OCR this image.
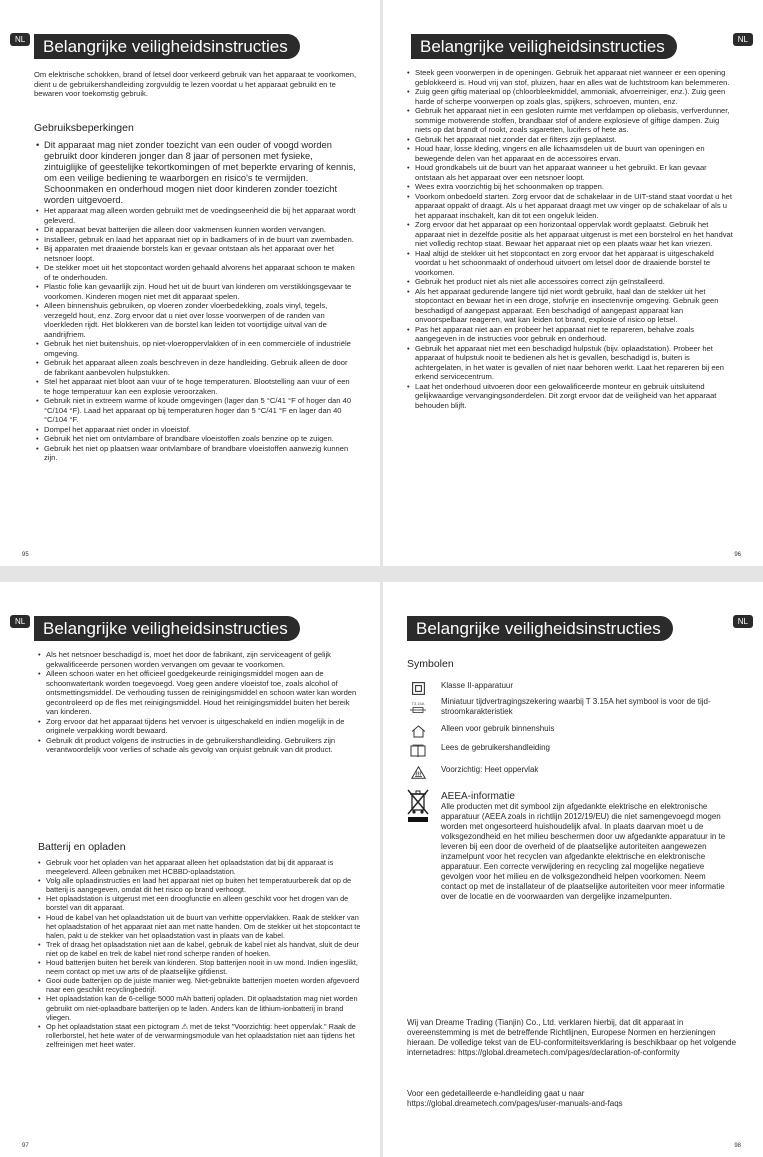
NL	Belangrijke veiligheidsinstructies

Om elektrische schokken, brand of letsel door verkeerd gebruik van het apparaat te voorkomen, dient u de gebruikershandleiding zorgvuldig te lezen voordat u het apparaat gebruikt en te bewaren voor toekomstig gebruik.

Gebruiksbeperkingen
• Dit apparaat mag niet zonder toezicht van een ouder of voogd worden gebruikt door kinderen jonger dan 8 jaar of personen met fysieke, zintuiglijke of geestelijke tekortkomingen of met beperkte ervaring of kennis, om een veilige bediening te waarborgen en risico's te vermijden. Schoonmaken en onderhoud mogen niet door kinderen zonder toezicht worden uitgevoerd.
• Het apparaat mag alleen worden gebruikt met de voedingseenheid die bij het apparaat wordt geleverd.
• Dit apparaat bevat batterijen die alleen door vakmensen kunnen worden vervangen.
• Installeer, gebruik en laad het apparaat niet op in badkamers of in de buurt van zwembaden.
• Bij apparaten met draaiende borstels kan er gevaar ontstaan als het apparaat over het netsnoer loopt.
• De stekker moet uit het stopcontact worden gehaald alvorens het apparaat schoon te maken of te onderhouden.
• Plastic folie kan gevaarlijk zijn. Houd het uit de buurt van kinderen om verstikkingsgevaar te voorkomen. Kinderen mogen niet met dit apparaat spelen.
• Alleen binnenshuis gebruiken, op vloeren zonder vloerbedekking, zoals vinyl, tegels, verzegeld hout, enz. Zorg ervoor dat u niet over losse voorwerpen of de randen van vloerkleden rijdt. Het blokkeren van de borstel kan leiden tot voortijdige uitval van de aandrijfriem.
• Gebruik het niet buitenshuis, op niet-vloeroppervlakken of in een commerciële of industriële omgeving.
• Gebruik het apparaat alleen zoals beschreven in deze handleiding. Gebruik alleen de door de fabrikant aanbevolen hulpstukken.
• Stel het apparaat niet bloot aan vuur of te hoge temperaturen. Blootstelling aan vuur of een te hoge temperatuur kan een explosie veroorzaken.
• Gebruik niet in extreem warme of koude omgevingen (lager dan 5 °C/41 °F of hoger dan 40 °C/104 °F). Laad het apparaat op bij temperaturen hoger dan 5 °C/41 °F en lager dan 40 °C/104 °F.
• Dompel het apparaat niet onder in vloeistof.
• Gebruik het niet om ontvlambare of brandbare vloeistoffen zoals benzine op te zuigen.
• Gebruik het niet op plaatsen waar ontvlambare of brandbare vloeistoffen aanwezig kunnen zijn.
95
NL
Belangrijke veiligheidsinstructies
• Steek geen voorwerpen in de openingen. Gebruik het apparaat niet wanneer er een opening geblokkeerd is. Houd vrij van stof, pluizen, haar en alles wat de luchtstroom kan belemmeren.
• Zuig geen giftig materiaal op (chloorbleekmiddel, ammoniak, afvoerreiniger, enz.). Zuig geen harde of scherpe voorwerpen op zoals glas, spijkers, schroeven, munten, enz.
• Gebruik het apparaat niet in een gesloten ruimte met verfdampen op oliebasis, verfverdunner, sommige motwerende stoffen, brandbaar stof of andere explosieve of giftige dampen. Zuig niets op dat brandt of rookt, zoals sigaretten, lucifers of hete as.
• Gebruik het apparaat niet zonder dat er filters zijn geplaatst.
• Houd haar, losse kleding, vingers en alle lichaamsdelen uit de buurt van openingen en bewegende delen van het apparaat en de accessoires ervan.
• Houd grondkabels uit de buurt van het apparaat wanneer u het gebruikt. Er kan gevaar ontstaan als het apparaat over een netsnoer loopt.
• Wees extra voorzichtig bij het schoonmaken op trappen.
• Voorkom onbedoeld starten. Zorg ervoor dat de schakelaar in de UIT-stand staat voordat u het apparaat oppakt of draagt. Als u het apparaat draagt met uw vinger op de schakelaar of als u het apparaat inschakelt, kan dit tot een ongeluk leiden.
• Zorg ervoor dat het apparaat op een horizontaal oppervlak wordt geplaatst. Gebruik het apparaat niet in dezelfde positie als het apparaat uitgerust is met een borstelrol en het handvat niet volledig rechtop staat. Bewaar het apparaat niet op een plaats waar het kan vriezen.
• Haal altijd de stekker uit het stopcontact en zorg ervoor dat het apparaat is uitgeschakeld voordat u het schoonmaakt of onderhoud uitvoert om letsel door de draaiende borstel te voorkomen.
• Gebruik het product niet als niet alle accessoires correct zijn geïnstalleerd.
• Als het apparaat gedurende langere tijd niet wordt gebruikt, haal dan de stekker uit het stopcontact en bewaar het in een droge, stofvrije en insectenvrije omgeving. Gebruik geen beschadigd of aangepast apparaat. Een beschadigd of aangepast apparaat kan onvoorspelbaar reageren, wat kan leiden tot brand, explosie of risico op letsel.
• Pas het apparaat niet aan en probeer het apparaat niet te repareren, behalve zoals aangegeven in de instructies voor gebruik en onderhoud.
• Gebruik het apparaat niet met een beschadigd hulpstuk (bijv. oplaadstation). Probeer het apparaat of hulpstuk nooit te bedienen als het is gevallen, beschadigd is, buiten is achtergelaten, in het water is gevallen of niet naar behoren werkt. Laat het repareren bij een erkend servicecentrum.
• Laat het onderhoud uitvoeren door een gekwalificeerde monteur en gebruik uitsluitend gelijkwaardige vervangingsonderdelen. Dit zorgt ervoor dat de veiligheid van het apparaat behouden blijft.
96
NL	Belangrijke veiligheidsinstructies
• Als het netsnoer beschadigd is, moet het door de fabrikant, zijn serviceagent of gelijk gekwalificeerde personen worden vervangen om gevaar te voorkomen.
• Alleen schoon water en het officieel goedgekeurde reinigingsmiddel mogen aan de schoonwatertank worden toegevoegd. Voeg geen andere vloeistof toe, zoals alcohol of ontsmettingsmiddel. De verhouding tussen de reinigingsmiddel en schoon water kan worden gecontroleerd op de fles met reinigingsmiddel. Houd het reinigingsmiddel buiten het bereik van kinderen.
• Zorg ervoor dat het apparaat tijdens het vervoer is uitgeschakeld en indien mogelijk in de originele verpakking wordt bewaard.
• Gebruik dit product volgens de instructies in de gebruikershandleiding. Gebruikers zijn verantwoordelijk voor verlies of schade als gevolg van onjuist gebruik van dit product.
Batterij en opladen
• Gebruik voor het opladen van het apparaat alleen het oplaadstation dat bij dit apparaat is meegeleverd. Alleen gebruiken met HCBBD-oplaadstation.
• Volg alle oplaadinstructies en laad het apparaat niet op buiten het temperatuurbereik dat op de batterij is aangegeven, omdat dit het risico op brand verhoogt.
• Het oplaadstation is uitgerust met een droogfunctie en alleen geschikt voor het drogen van de borstel van dit apparaat.
• Houd de kabel van het oplaadstation uit de buurt van verhitte oppervlakken. Raak de stekker van het oplaadstation of het apparaat niet aan met natte handen. Om de stekker uit het stopcontact te halen, pakt u de stekker van het oplaadstation vast in plaats van de kabel.
• Trek of draag het oplaadstation niet aan de kabel, gebruik de kabel niet als handvat, sluit de deur niet op de kabel en trek de kabel niet rond scherpe randen of hoeken.
• Houd batterijen buiten het bereik van kinderen. Stop batterijen nooit in uw mond. Indien ingeslikt, neem contact op met uw arts of de plaatselijke gifdienst.
• Gooi oude batterijen op de juiste manier weg. Niet-gebruikte batterijen moeten worden afgevoerd naar een geschikt recyclingbedrijf.
• Het oplaadstation kan de 6-cellige 5000 mAh batterij opladen. Dit oplaadstation mag niet worden gebruikt om niet-oplaadbare batterijen op te laden. Anders kan de lithium-ionbatterij in brand vliegen.
• Op het oplaadstation staat een pictogram ⚠ met de tekst "Voorzichtig: heet oppervlak." Raak de rollerborstel, het hete water of de verwarmingsmodule van het oplaadstation niet aan tijdens het zelfreinigen met heet water.
97
NL
Belangrijke veiligheidsinstructies
Symbolen
Klasse II-apparatuur
T3.15A Miniatuur tijdvertragingszekering waarbij T 3.15A het symbool is voor de tijd-stroomkarakteristiek
Alleen voor gebruik binnenshuis
Lees de gebruikershandleiding
Voorzichtig: Heet oppervlak
AEEA-informatie
Alle producten met dit symbool zijn afgedankte elektrische en elektronische apparatuur (AEEA zoals in richtlijn 2012/19/EU) die niet samengevoegd mogen worden met ongesorteerd huishoudelijk afval. In plaats daarvan moet u de volksgezondheid en het milieu beschermen door uw afgedankte apparatuur in te leveren bij een door de overheid of de plaatselijke autoriteiten aangewezen inzamelpunt voor het recyclen van afgedankte elektrische en elektronische apparatuur. Een correcte verwijdering en recycling zal mogelijke negatieve gevolgen voor het milieu en de volksgezondheid helpen voorkomen. Neem contact op met de installateur of de plaatselijke autoriteiten voor meer informatie over de locatie en de voorwaarden van dergelijke inzamelpunten.

Wij van Dreame Trading (Tianjin) Co., Ltd. verklaren hierbij, dat dit apparaat in overeenstemming is met de betreffende Richtlijnen, Europese Normen en herzieningen hieraan. De volledige tekst van de EU-conformiteitsverklaring is beschikbaar op het volgende internetadres: https://global.dreametech.com/pages/declaration-of-conformity

Voor een gedetailleerde e-handleiding gaat u naar https://global.dreametech.com/pages/user-manuals-and-faqs

98
